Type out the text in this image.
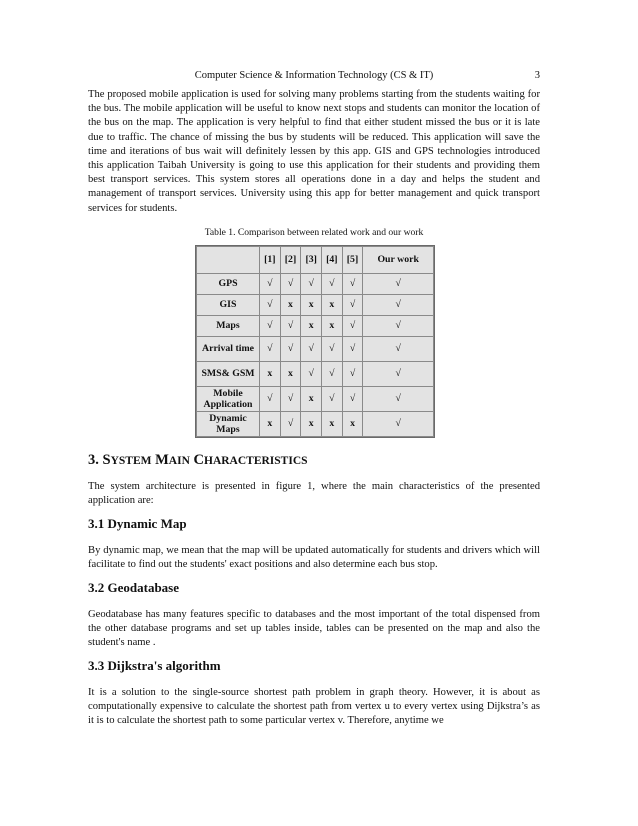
Computer Science & Information Technology (CS & IT)	3

The proposed mobile application is used for solving many problems starting from the students waiting for the bus. The mobile application will be useful to know next stops and students can monitor the location of the bus on the map. The application is very helpful to find that either student missed the bus or it is late due to traffic. The chance of missing the bus by students will be reduced. This application will save the time and iterations of bus wait will definitely lessen by this app. GIS and GPS technologies introduced this application Taibah University is going to use this application for their students and providing them best transport services. This system stores all operations done in a day and helps the student and management of transport services. University using this app for better management and quick transport services for students.

Table 1. Comparison between related work and our work
	[1]	[2]	[3]	[4]	[5]	Our work
GPS	√	√	√	√	√	√
GIS	√	x	x	x	√	√
Maps	√	√	x	x	√	√
Arrival time	√	√	√	√	√	√
SMS& GSM	x	x	√	√	√	√
Mobile Application	√	√	x	√	√	√
Dynamic Maps	x	√	x	x	x	√
3. SYSTEM MAIN CHARACTERISTICS

The system architecture is presented in figure 1, where the main characteristics of the presented application are:

3.1 Dynamic Map

By dynamic map, we mean that the map will be updated automatically for students and drivers which will facilitate to find out the students' exact positions and also determine each bus stop.

3.2 Geodatabase

Geodatabase has many features specific to databases and the most important of the total dispensed from the other database programs and set up tables inside, tables can be presented on the map and also the student's name .

3.3 Dijkstra's algorithm

It is a solution to the single-source shortest path problem in graph theory. However, it is about as computationally expensive to calculate the shortest path from vertex u to every vertex using Dijkstra’s as it is to calculate the shortest path to some particular vertex v. Therefore, anytime we
